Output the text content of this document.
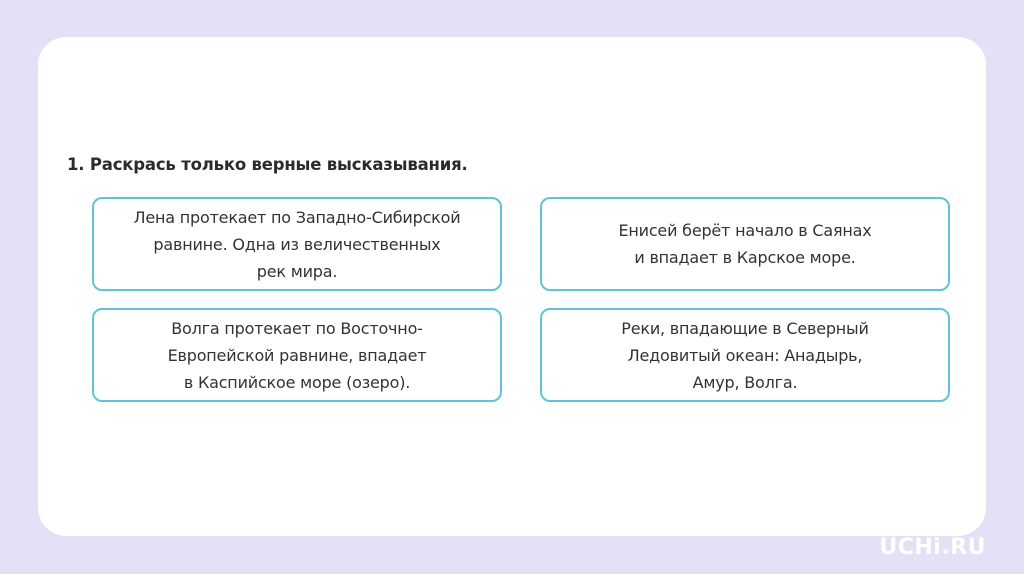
1. Раскрась только верные высказывания.
Лена протекает по Западно-Сибирской
равнине. Одна из величественных
рек мира.
Енисей берёт начало в Саянах
и впадает в Карское море.
Волга протекает по Восточно-
Европейской равнине, впадает
в Каспийское море (озеро).
Реки, впадающие в Северный
Ледовитый океан: Анадырь,
Амур, Волга.
UCHi.RU
